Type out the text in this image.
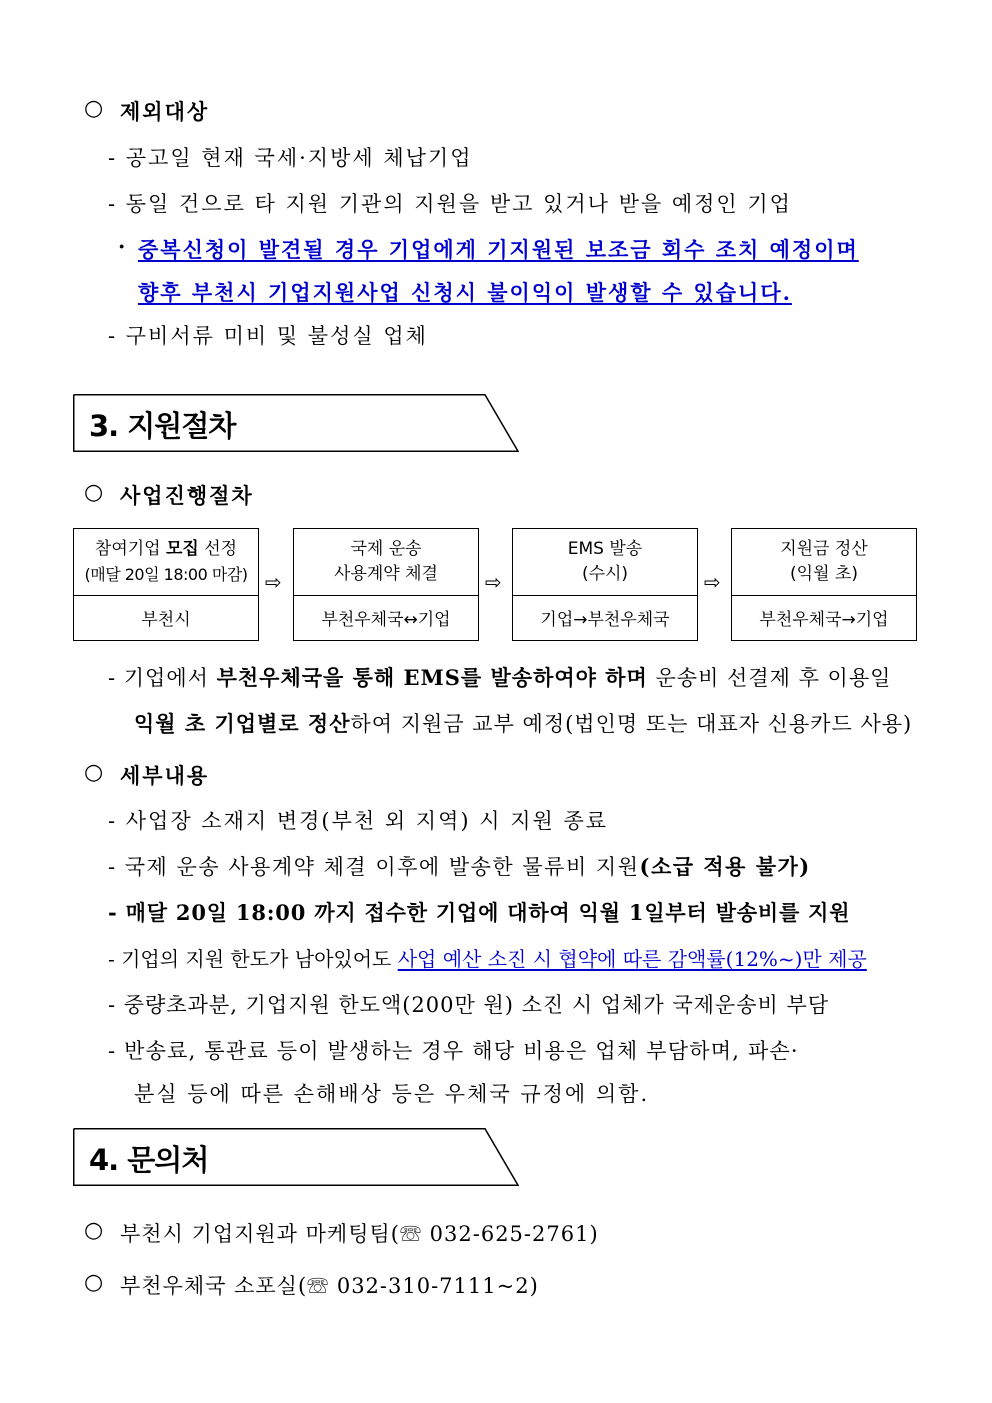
○ 제외대상
- 공고일 현재 국세·지방세 체납기업
- 동일 건으로 타 지원 기관의 지원을 받고 있거나 받을 예정인 기업
· 중복신청이 발견될 경우 기업에게 기지원된 보조금 회수 조치 예정이며
향후 부천시 기업지원사업 신청시 불이익이 발생할 수 있습니다.
- 구비서류 미비 및 불성실 업체
3. 지원절차
○ 사업진행절차
참여기업 모집 선정
(매달 20일 18:00 마감)
부천시
⇨
국제 운송
사용계약 체결
부천우체국↔기업
⇨
EMS 발송
(수시)
기업→부천우체국
⇨
지원금 정산
(익월 초)
부천우체국→기업
- 기업에서 부천우체국을 통해 EMS를 발송하여야 하며 운송비 선결제 후 이용일
익월 초 기업별로 정산하여 지원금 교부 예정(법인명 또는 대표자 신용카드 사용)
○ 세부내용
- 사업장 소재지 변경(부천 외 지역) 시 지원 종료
- 국제 운송 사용계약 체결 이후에 발송한 물류비 지원(소급 적용 불가)
- 매달 20일 18:00 까지 접수한 기업에 대하여 익월 1일부터 발송비를 지원
- 기업의 지원 한도가 남아있어도 사업 예산 소진 시 협약에 따른 감액률(12%~)만 제공
- 중량초과분, 기업지원 한도액(200만 원) 소진 시 업체가 국제운송비 부담
- 반송료, 통관료 등이 발생하는 경우 해당 비용은 업체 부담하며, 파손·
분실 등에 따른 손해배상 등은 우체국 규정에 의함.
4. 문의처
○ 부천시 기업지원과 마케팅팀(☏ 032-625-2761)
○ 부천우체국 소포실(☏ 032-310-7111~2)
